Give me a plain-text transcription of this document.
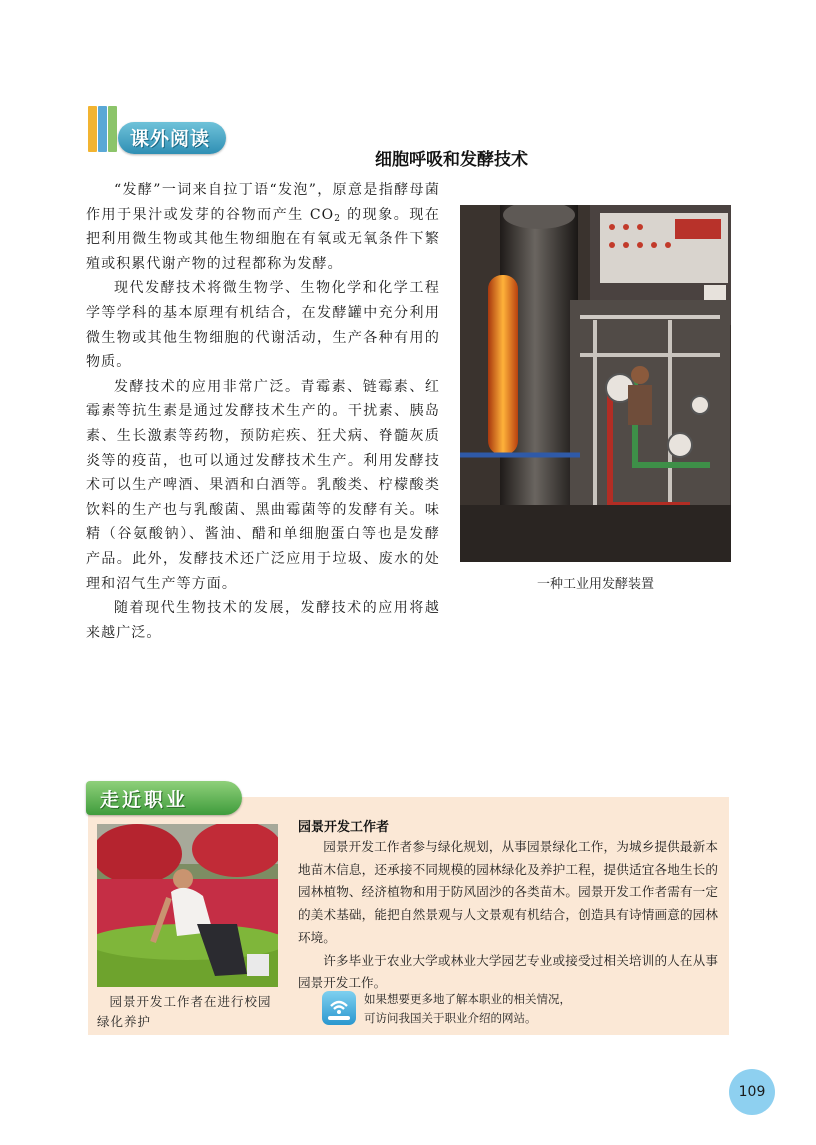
课外阅读
细胞呼吸和发酵技术

“发酵”一词来自拉丁语“发泡”，原意是指酵母菌作用于果汁或发芽的谷物而产生 $CO_2$ 的现象。现在把利用微生物或其他生物细胞在有氧或无氧条件下繁殖或积累代谢产物的过程都称为发酵。

现代发酵技术将微生物学、生物化学和化学工程学等学科的基本原理有机结合，在发酵罐中充分利用微生物或其他生物细胞的代谢活动，生产各种有用的物质。

发酵技术的应用非常广泛。青霉素、链霉素、红霉素等抗生素是通过发酵技术生产的。干扰素、胰岛素、生长激素等药物，预防疟疾、狂犬病、脊髓灰质炎等的疫苗，也可以通过发酵技术生产。利用发酵技术可以生产啤酒、果酒和白酒等。乳酸类、柠檬酸类饮料的生产也与乳酸菌、黑曲霉菌等的发酵有关。味精（谷氨酸钠）、酱油、醋和单细胞蛋白等也是发酵产品。此外，发酵技术还广泛应用于垃圾、废水的处理和沼气生产等方面。

随着现代生物技术的发展，发酵技术的应用将越来越广泛。

一种工业用发酵装置
走近职业
园景开发工作者在进行校园绿化养护
园景开发工作者

园景开发工作者参与绿化规划，从事园景绿化工作，为城乡提供最新本地苗木信息，还承接不同规模的园林绿化及养护工程，提供适宜各地生长的园林植物、经济植物和用于防风固沙的各类苗木。园景开发工作者需有一定的美术基础，能把自然景观与人文景观有机结合，创造具有诗情画意的园林环境。

许多毕业于农业大学或林业大学园艺专业或接受过相关培训的人在从事园景开发工作。

如果想要更多地了解本职业的相关情况，
可访问我国关于职业介绍的网站。
109
